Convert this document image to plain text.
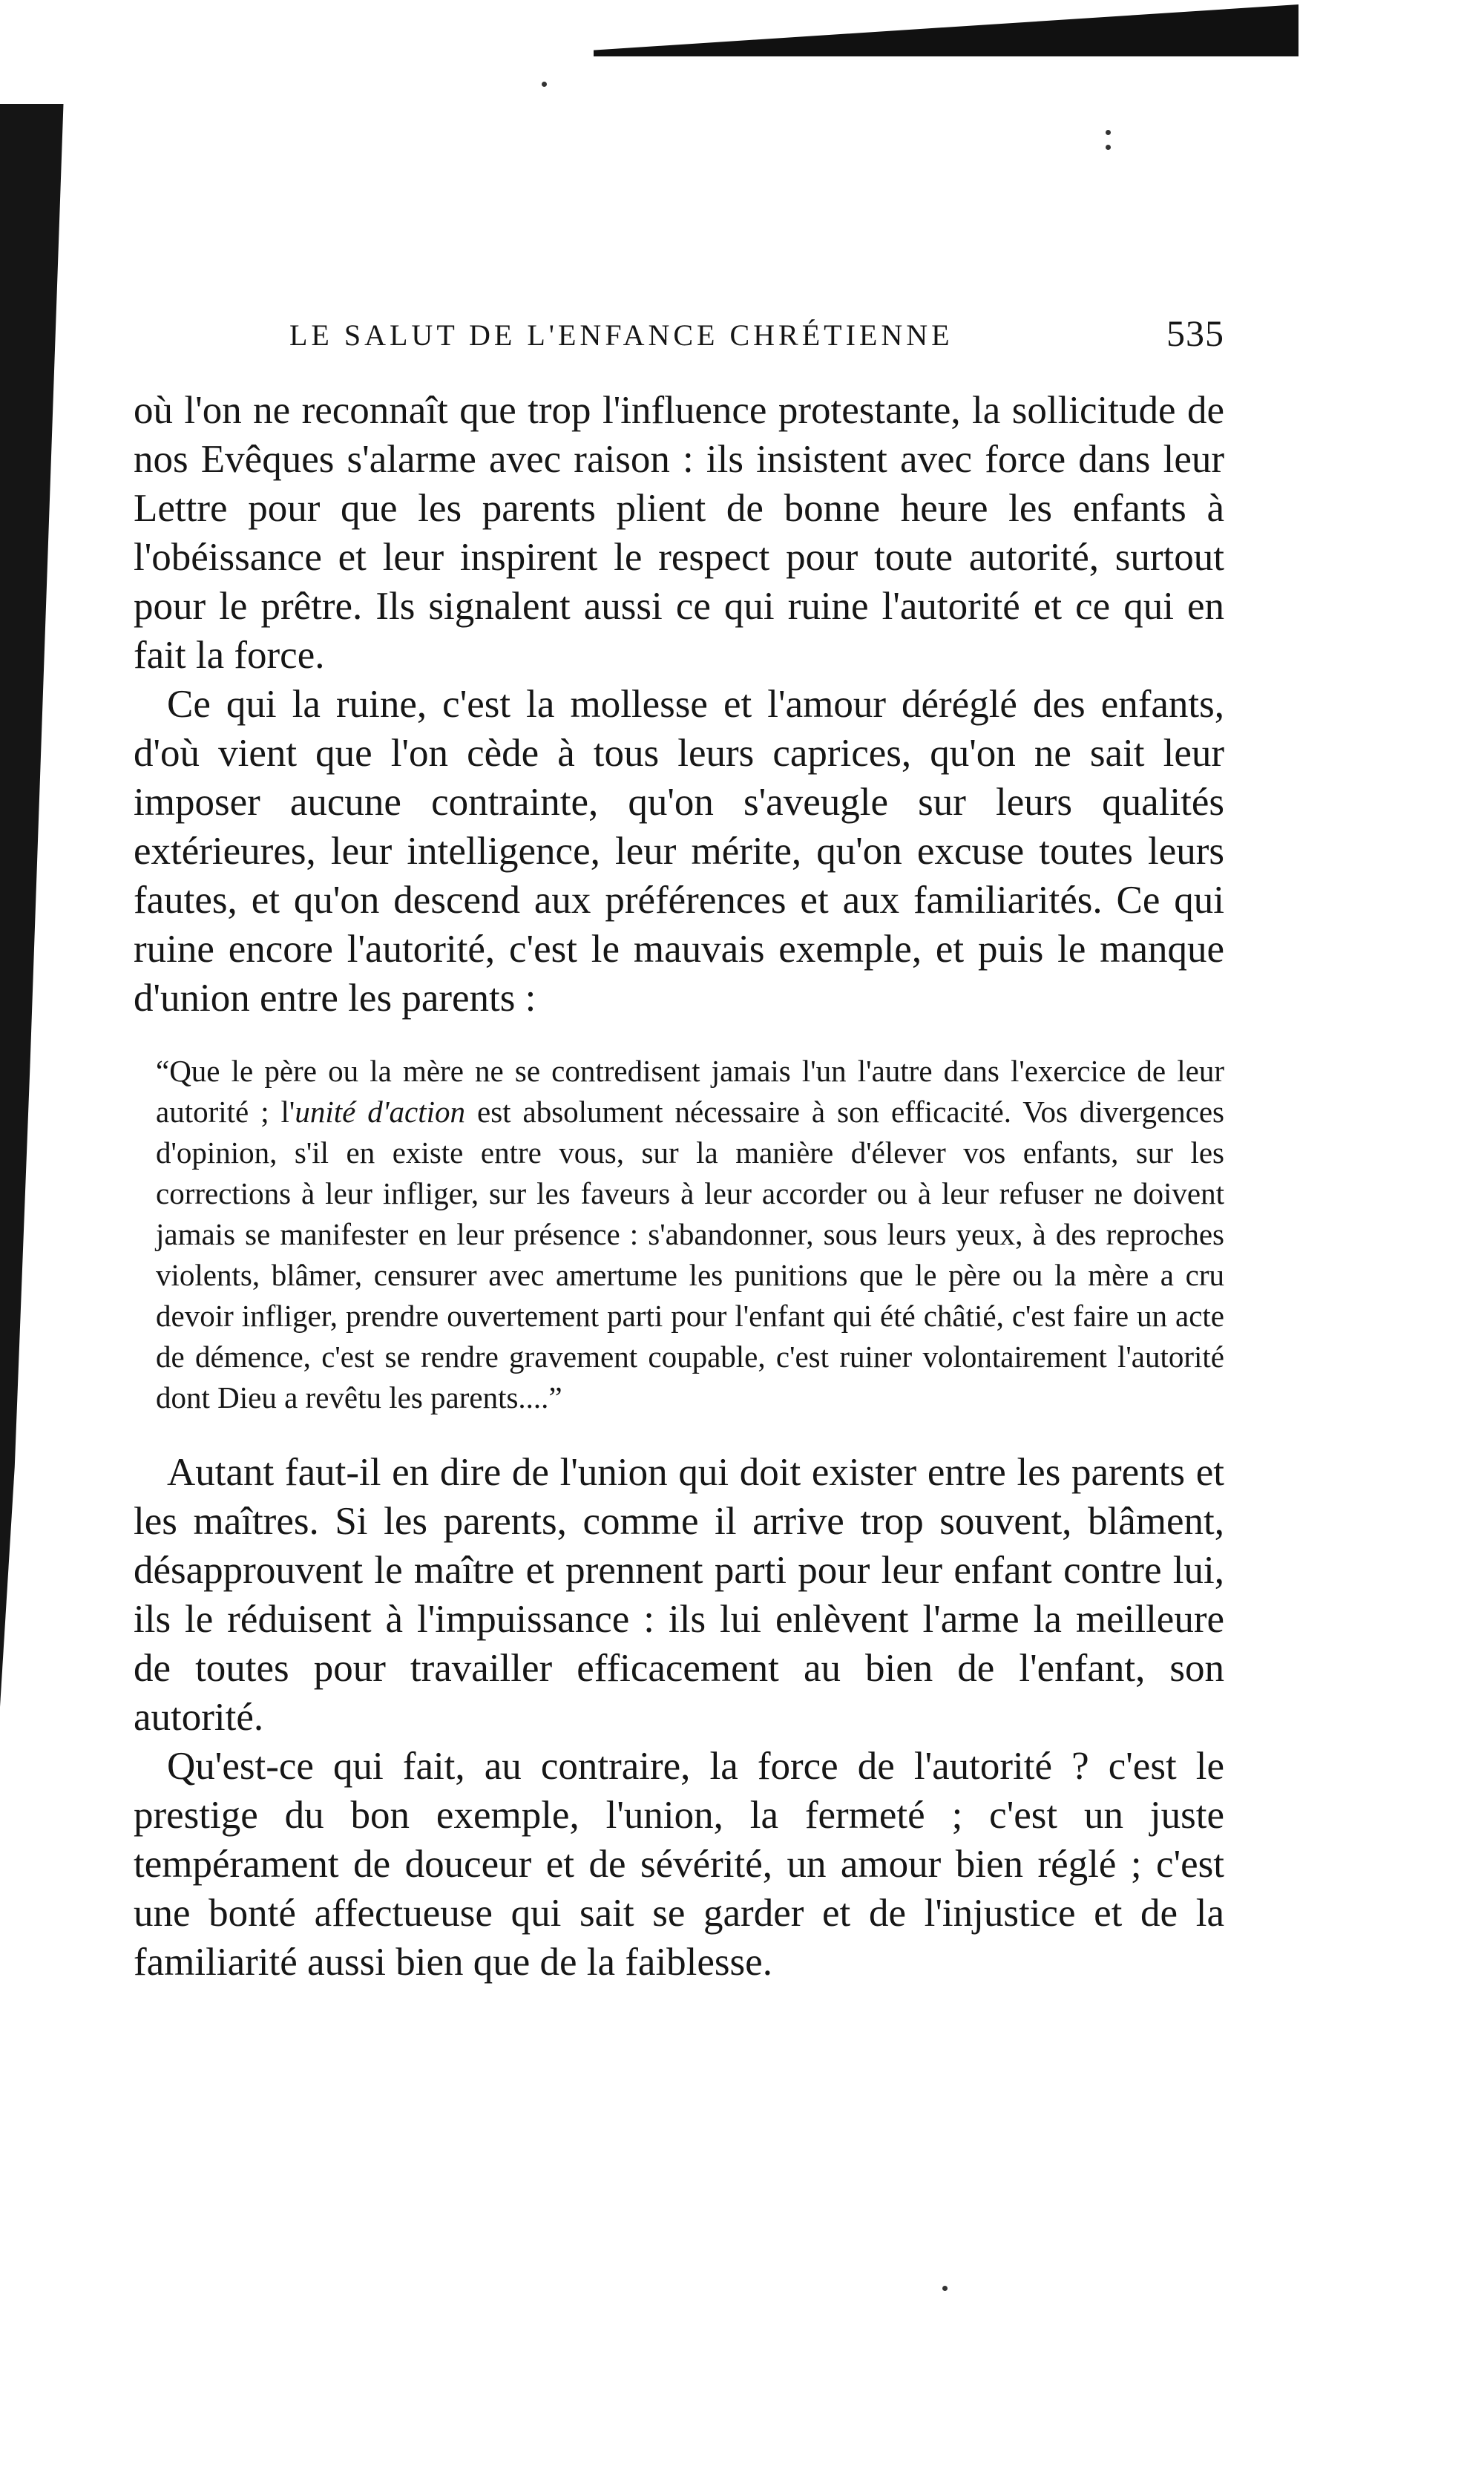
LE SALUT DE L'ENFANCE CHRÉTIENNE	535

où l'on ne reconnaît que trop l'influence protestante, la sollicitude de nos Evêques s'alarme avec raison : ils insistent avec force dans leur Lettre pour que les parents plient de bonne heure les enfants à l'obéissance et leur inspirent le respect pour toute autorité, surtout pour le prêtre. Ils signalent aussi ce qui ruine l'autorité et ce qui en fait la force.

Ce qui la ruine, c'est la mollesse et l'amour déréglé des enfants, d'où vient que l'on cède à tous leurs caprices, qu'on ne sait leur imposer aucune contrainte, qu'on s'aveugle sur leurs qualités extérieures, leur intelligence, leur mérite, qu'on excuse toutes leurs fautes, et qu'on descend aux préférences et aux familiarités. Ce qui ruine encore l'autorité, c'est le mauvais exemple, et puis le manque d'union entre les parents :

“Que le père ou la mère ne se contredisent jamais l'un l'autre dans l'exercice de leur autorité ; l'unité d'action est absolument nécessaire à son efficacité. Vos divergences d'opinion, s'il en existe entre vous, sur la manière d'élever vos enfants, sur les corrections à leur infliger, sur les faveurs à leur accorder ou à leur refuser ne doivent jamais se manifester en leur présence : s'abandonner, sous leurs yeux, à des reproches violents, blâmer, censurer avec amertume les punitions que le père ou la mère a cru devoir infliger, prendre ouvertement parti pour l'enfant qui été châtié, c'est faire un acte de démence, c'est se rendre gravement coupable, c'est ruiner volontairement l'autorité dont Dieu a revêtu les parents....”

Autant faut-il en dire de l'union qui doit exister entre les parents et les maîtres. Si les parents, comme il arrive trop souvent, blâment, désapprouvent le maître et prennent parti pour leur enfant contre lui, ils le réduisent à l'impuissance : ils lui enlèvent l'arme la meilleure de toutes pour travailler efficacement au bien de l'enfant, son autorité.

Qu'est-ce qui fait, au contraire, la force de l'autorité ? c'est le prestige du bon exemple, l'union, la fermeté ; c'est un juste tempérament de douceur et de sévérité, un amour bien réglé ; c'est une bonté affectueuse qui sait se garder et de l'injustice et de la familiarité aussi bien que de la faiblesse.
